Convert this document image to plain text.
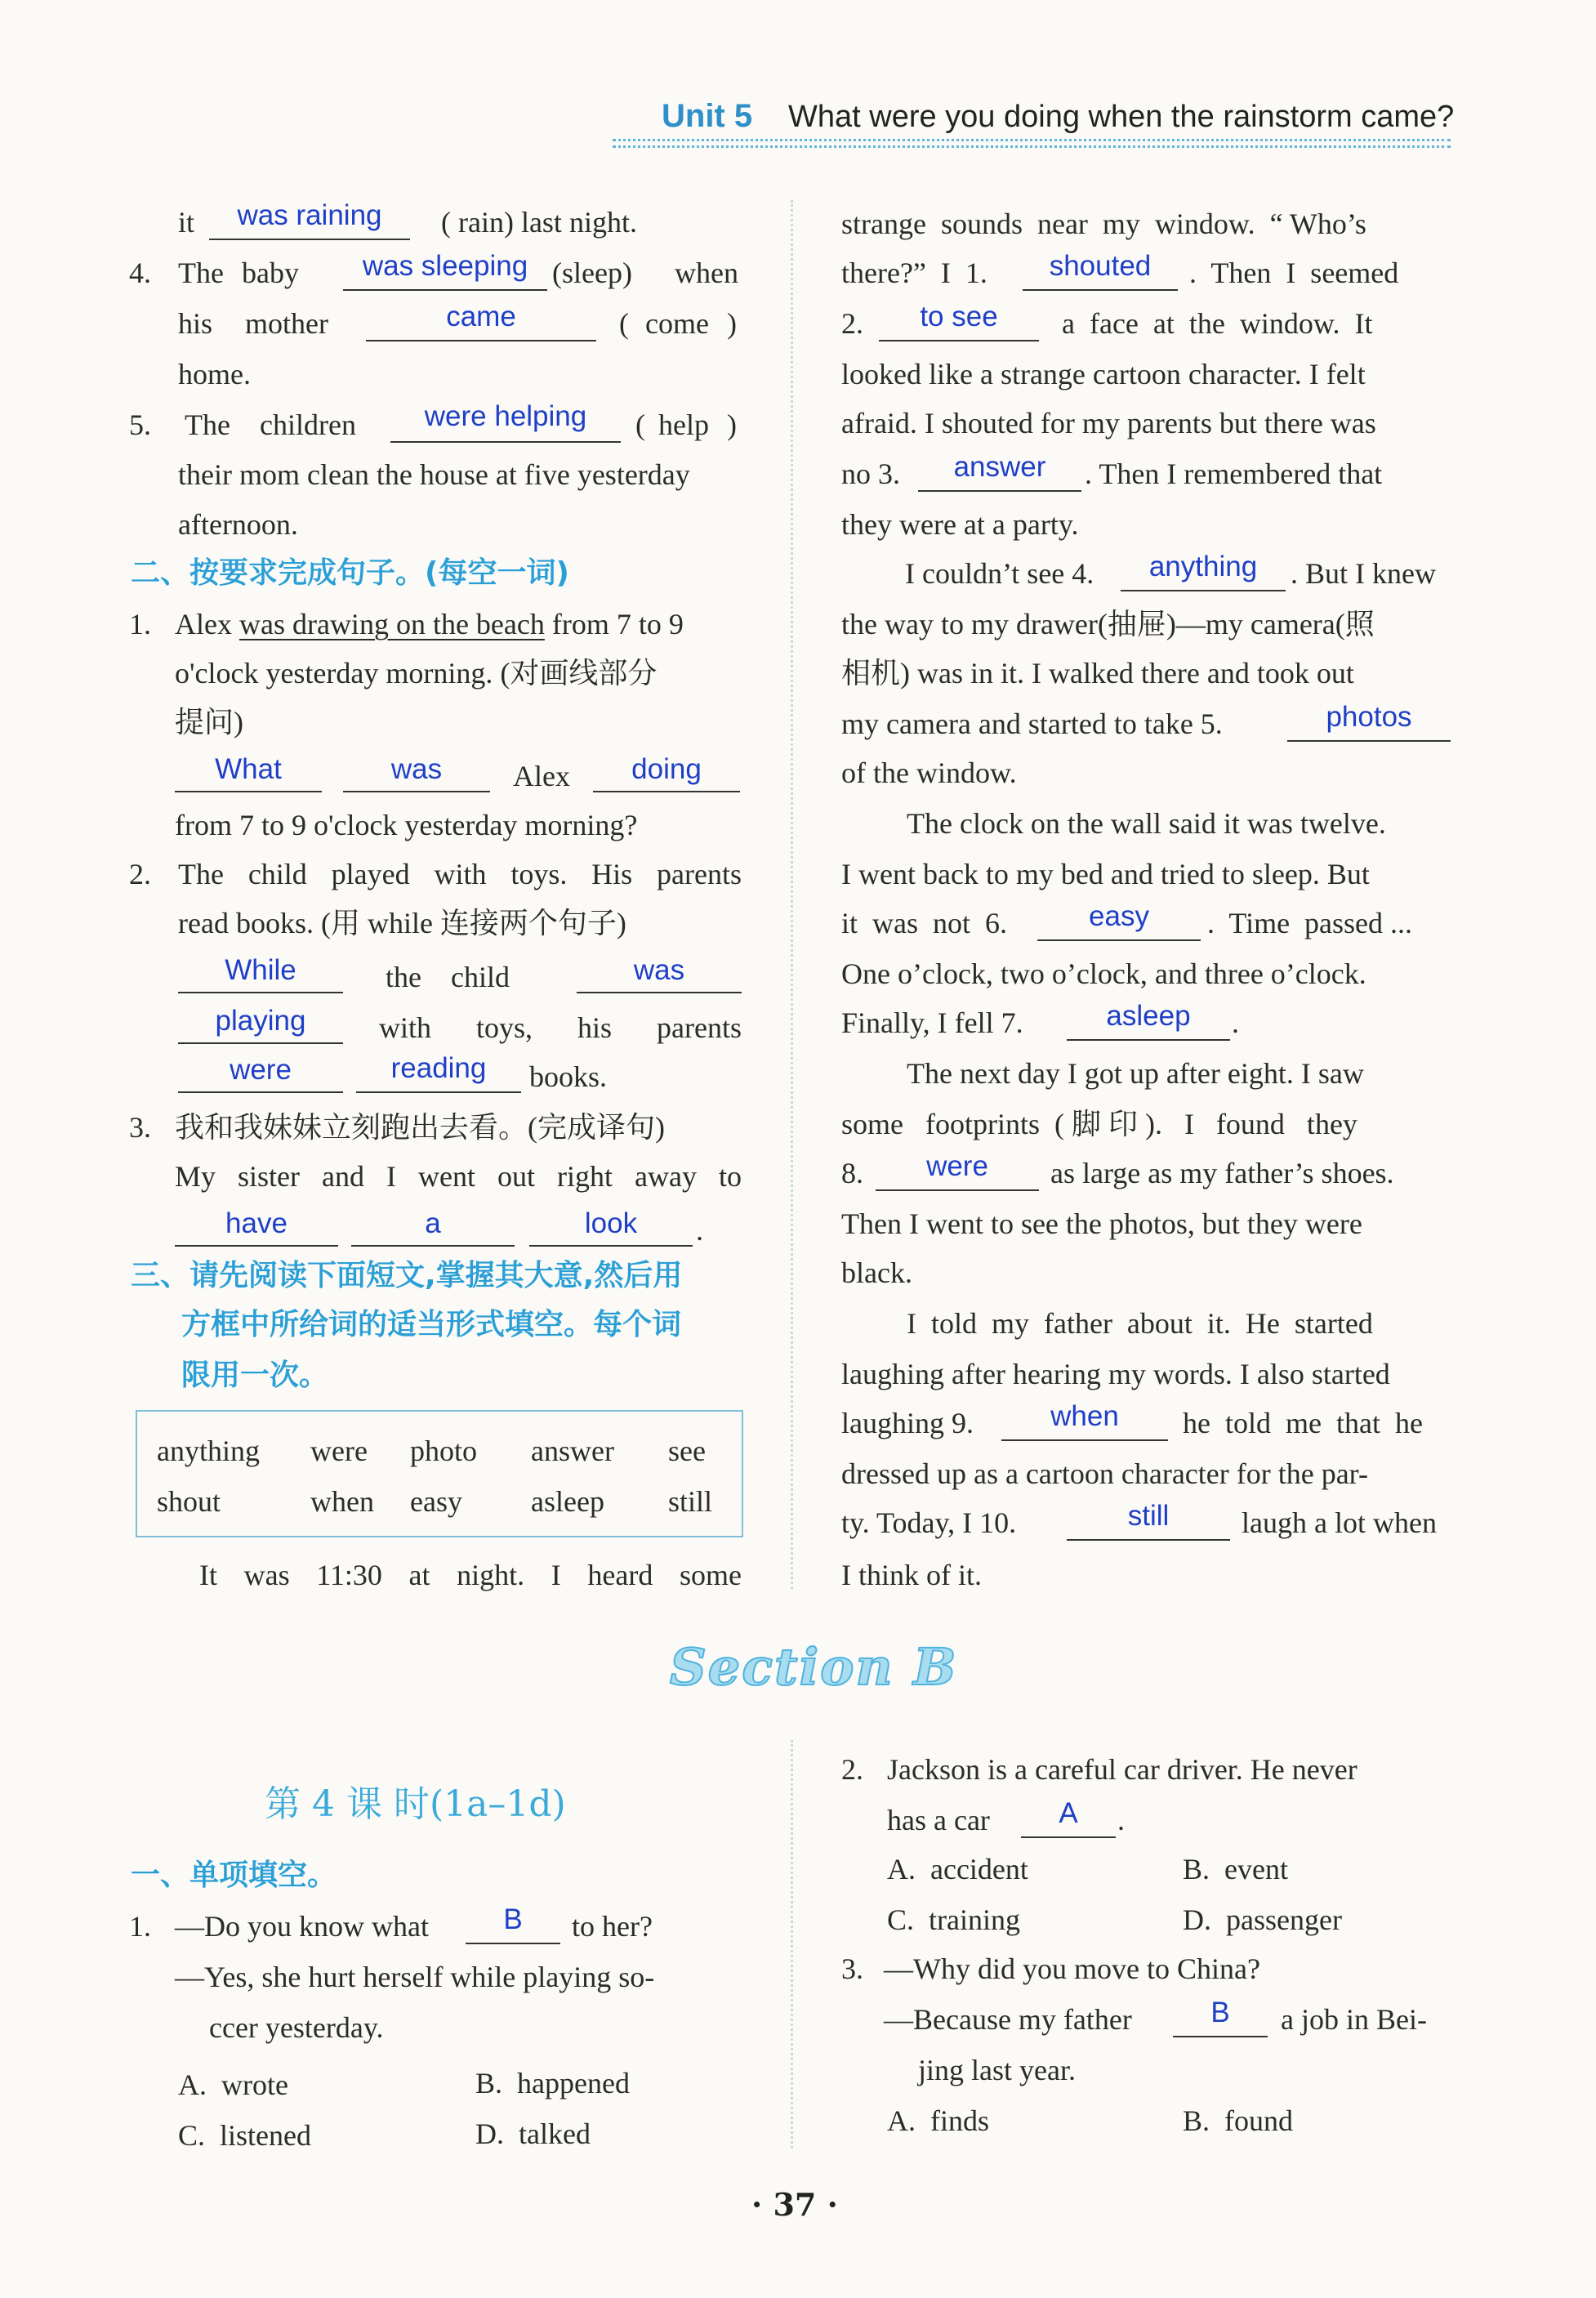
Unit 5 What were you doing when the rainstorm came?
it	was raining	( rain) last night.
4. The baby	was sleeping (sleep) when
his mother	came	( come )
home.
5. The children	were helping	( help )
their mom clean the house at five yesterday
afternoon.
二、按要求完成句子。(每空一词)
1. Alex was drawing on the beach from 7 to 9
o'clock yesterday morning. (对画线部分
提问)
What	was	Alex	doing
from 7 to 9 o'clock yesterday morning?
2. The child played with toys. His parents
read books. (用 while 连接两个句子)
While	the    child	was
playing	with toys, his parents
were	reading	books.
3. 我和我妹妹立刻跑出去看。(完成译句)
My sister and I went out right away to
have	a	look	.
三、请先阅读下面短文,掌握其大意,然后用
方框中所给词的适当形式填空。每个词
限用一次。
anything were photo answer see
shout	when easy asleep still
It was 11:30 at night. I heard some
strange  sounds  near  my  window.  “ Who’s
there?”  I  1.	shouted	.  Then  I  seemed
2.	to see	a  face  at  the  window.  It
looked like a strange cartoon character. I felt
afraid. I shouted for my parents but there was
no 3.	answer	. Then I remembered that
they were at a party.
I couldn’t see 4.	anything	. But I knew
the way to my drawer(抽屉)—my camera(照
相机) was in it. I walked there and took out
my camera and started to take 5.	photos
of the window.
The clock on the wall said it was twelve.
I went back to my bed and tried to sleep. But
it  was  not  6.	easy	.  Time  passed ...
One o’clock, two o’clock, and three o’clock.
Finally, I fell 7.	asleep	.
The next day I got up after eight. I saw
some   footprints  ( 脚 印 ).   I   found   they
8.	were	as large as my father’s shoes.
Then I went to see the photos, but they were
black.
I  told  my  father  about  it.  He  started
laughing after hearing my words. I also started
laughing 9.	when	he  told  me  that  he
dressed up as a cartoon character for the par-
ty. Today, I 10.	still	laugh a lot when
I think of it.
Section B
第 4 课 时(1a–1d)
一、单项填空。
1. —Do you know what	B	to her?
—Yes, she hurt herself while playing so-
ccer yesterday.
A.  wrote	B.  happened
C.  listened	D.  talked
2. Jackson is a careful car driver. He never
has a car	A	.
A.  accident	B.  event
C.  training	D.  passenger
3. —Why did you move to China?
—Because my father	B	a job in Bei-
jing last year.
A.  finds	B.  found
· 37 ·
